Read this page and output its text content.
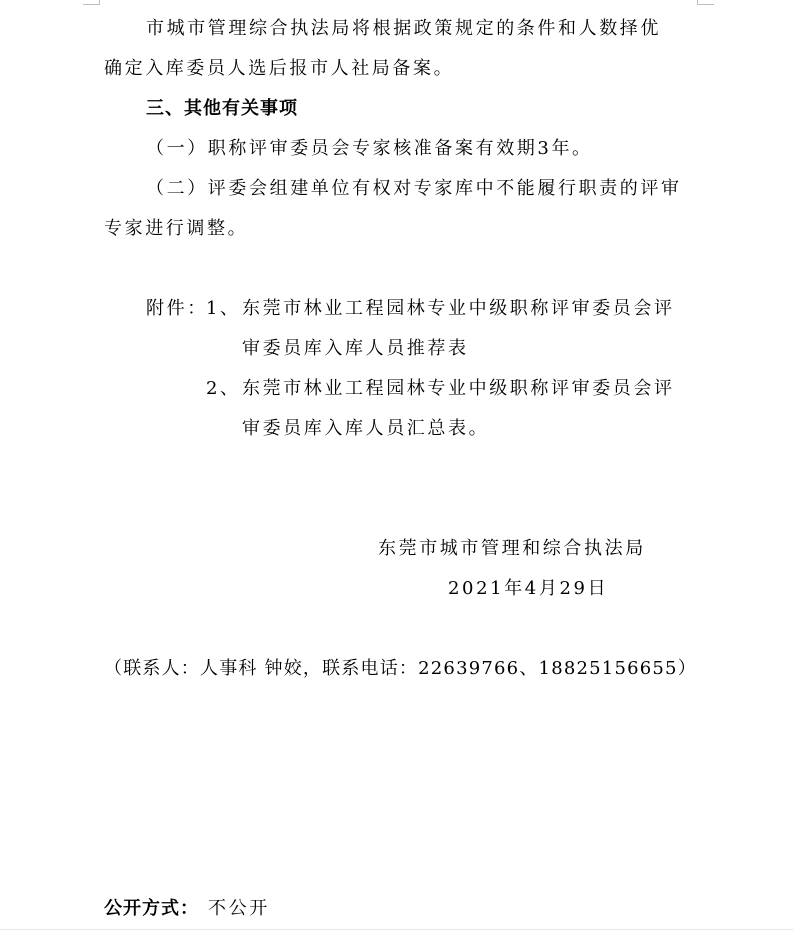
市城市管理综合执法局将根据政策规定的条件和人数择优
确定入库委员人选后报市人社局备案。
三、其他有关事项
（一）职称评审委员会专家核准备案有效期3年。
（二）评委会组建单位有权对专家库中不能履行职责的评审
专家进行调整。
附件：
1、 东莞市林业工程园林专业中级职称评审委员会评
审委员库入库人员推荐表
2、 东莞市林业工程园林专业中级职称评审委员会评
审委员库入库人员汇总表。
东莞市城市管理和综合执法局
2021年4月29日
（联系人：人事科 钟姣，联系电话：22639766、18825156655）
公开方式： 不公开
